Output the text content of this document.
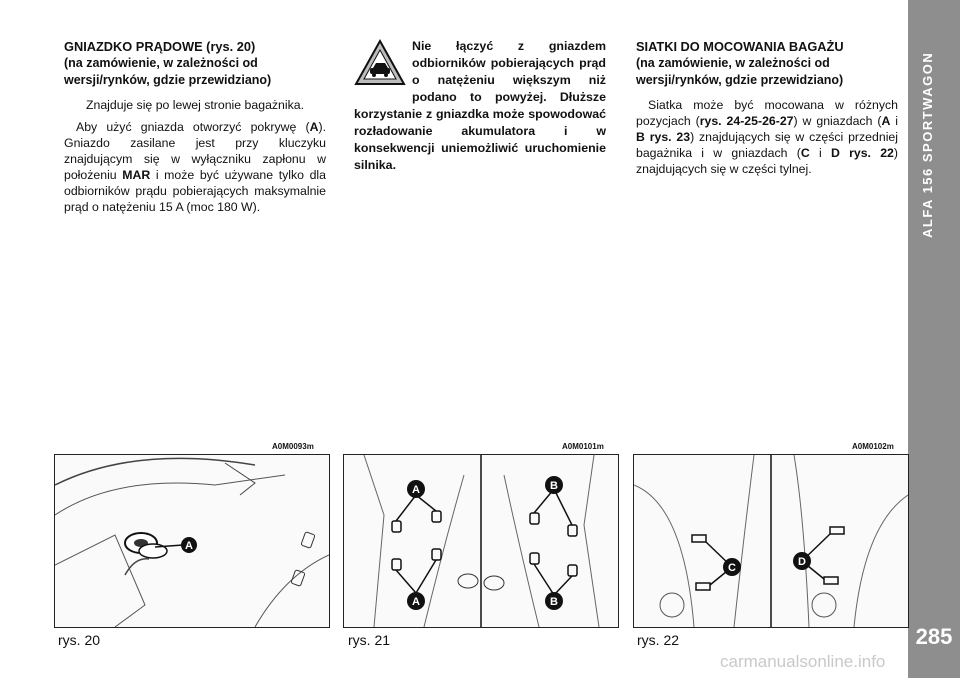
ALFA 156 SPORTWAGON
285
GNIAZDKO PRĄDOWE (rys. 20)
(na zamówienie, w zależności od wersji/rynków, gdzie przewidziano)

Znajduje się po lewej stronie bagażnika.

Aby użyć gniazda otworzyć pokrywę (A). Gniazdo zasilane jest przy kluczyku znajdującym się w wyłączniku zapłonu w położeniu MAR i może być używane tylko dla odbiorników prądu pobierających maksymalnie prąd o natężeniu 15 A (moc 180 W).

Nie łączyć z gniazdem odbiorników pobierających prąd o natężeniu większym niż podano to powyżej. Dłuższe korzystanie z gniazdka może spowodować rozładowanie akumulatora i w konsekwencji uniemożliwić uruchomienie silnika.
SIATKI DO MOCOWANIA BAGAŻU
(na zamówienie, w zależności od wersji/rynków, gdzie przewidziano)

Siatka może być mocowana w różnych pozycjach (rys. 24-25-26-27) w gniazdach (A i B rys. 23) znajdujących się w części przedniej bagażnika i w gniazdach (C i D rys. 22) znajdujących się w części tylnej.

A0M0093m	A0M0101m	A0M0102m
A
A	B
A	B
C	D
rys. 20	rys. 21	rys. 22
carmanualsonline.info
